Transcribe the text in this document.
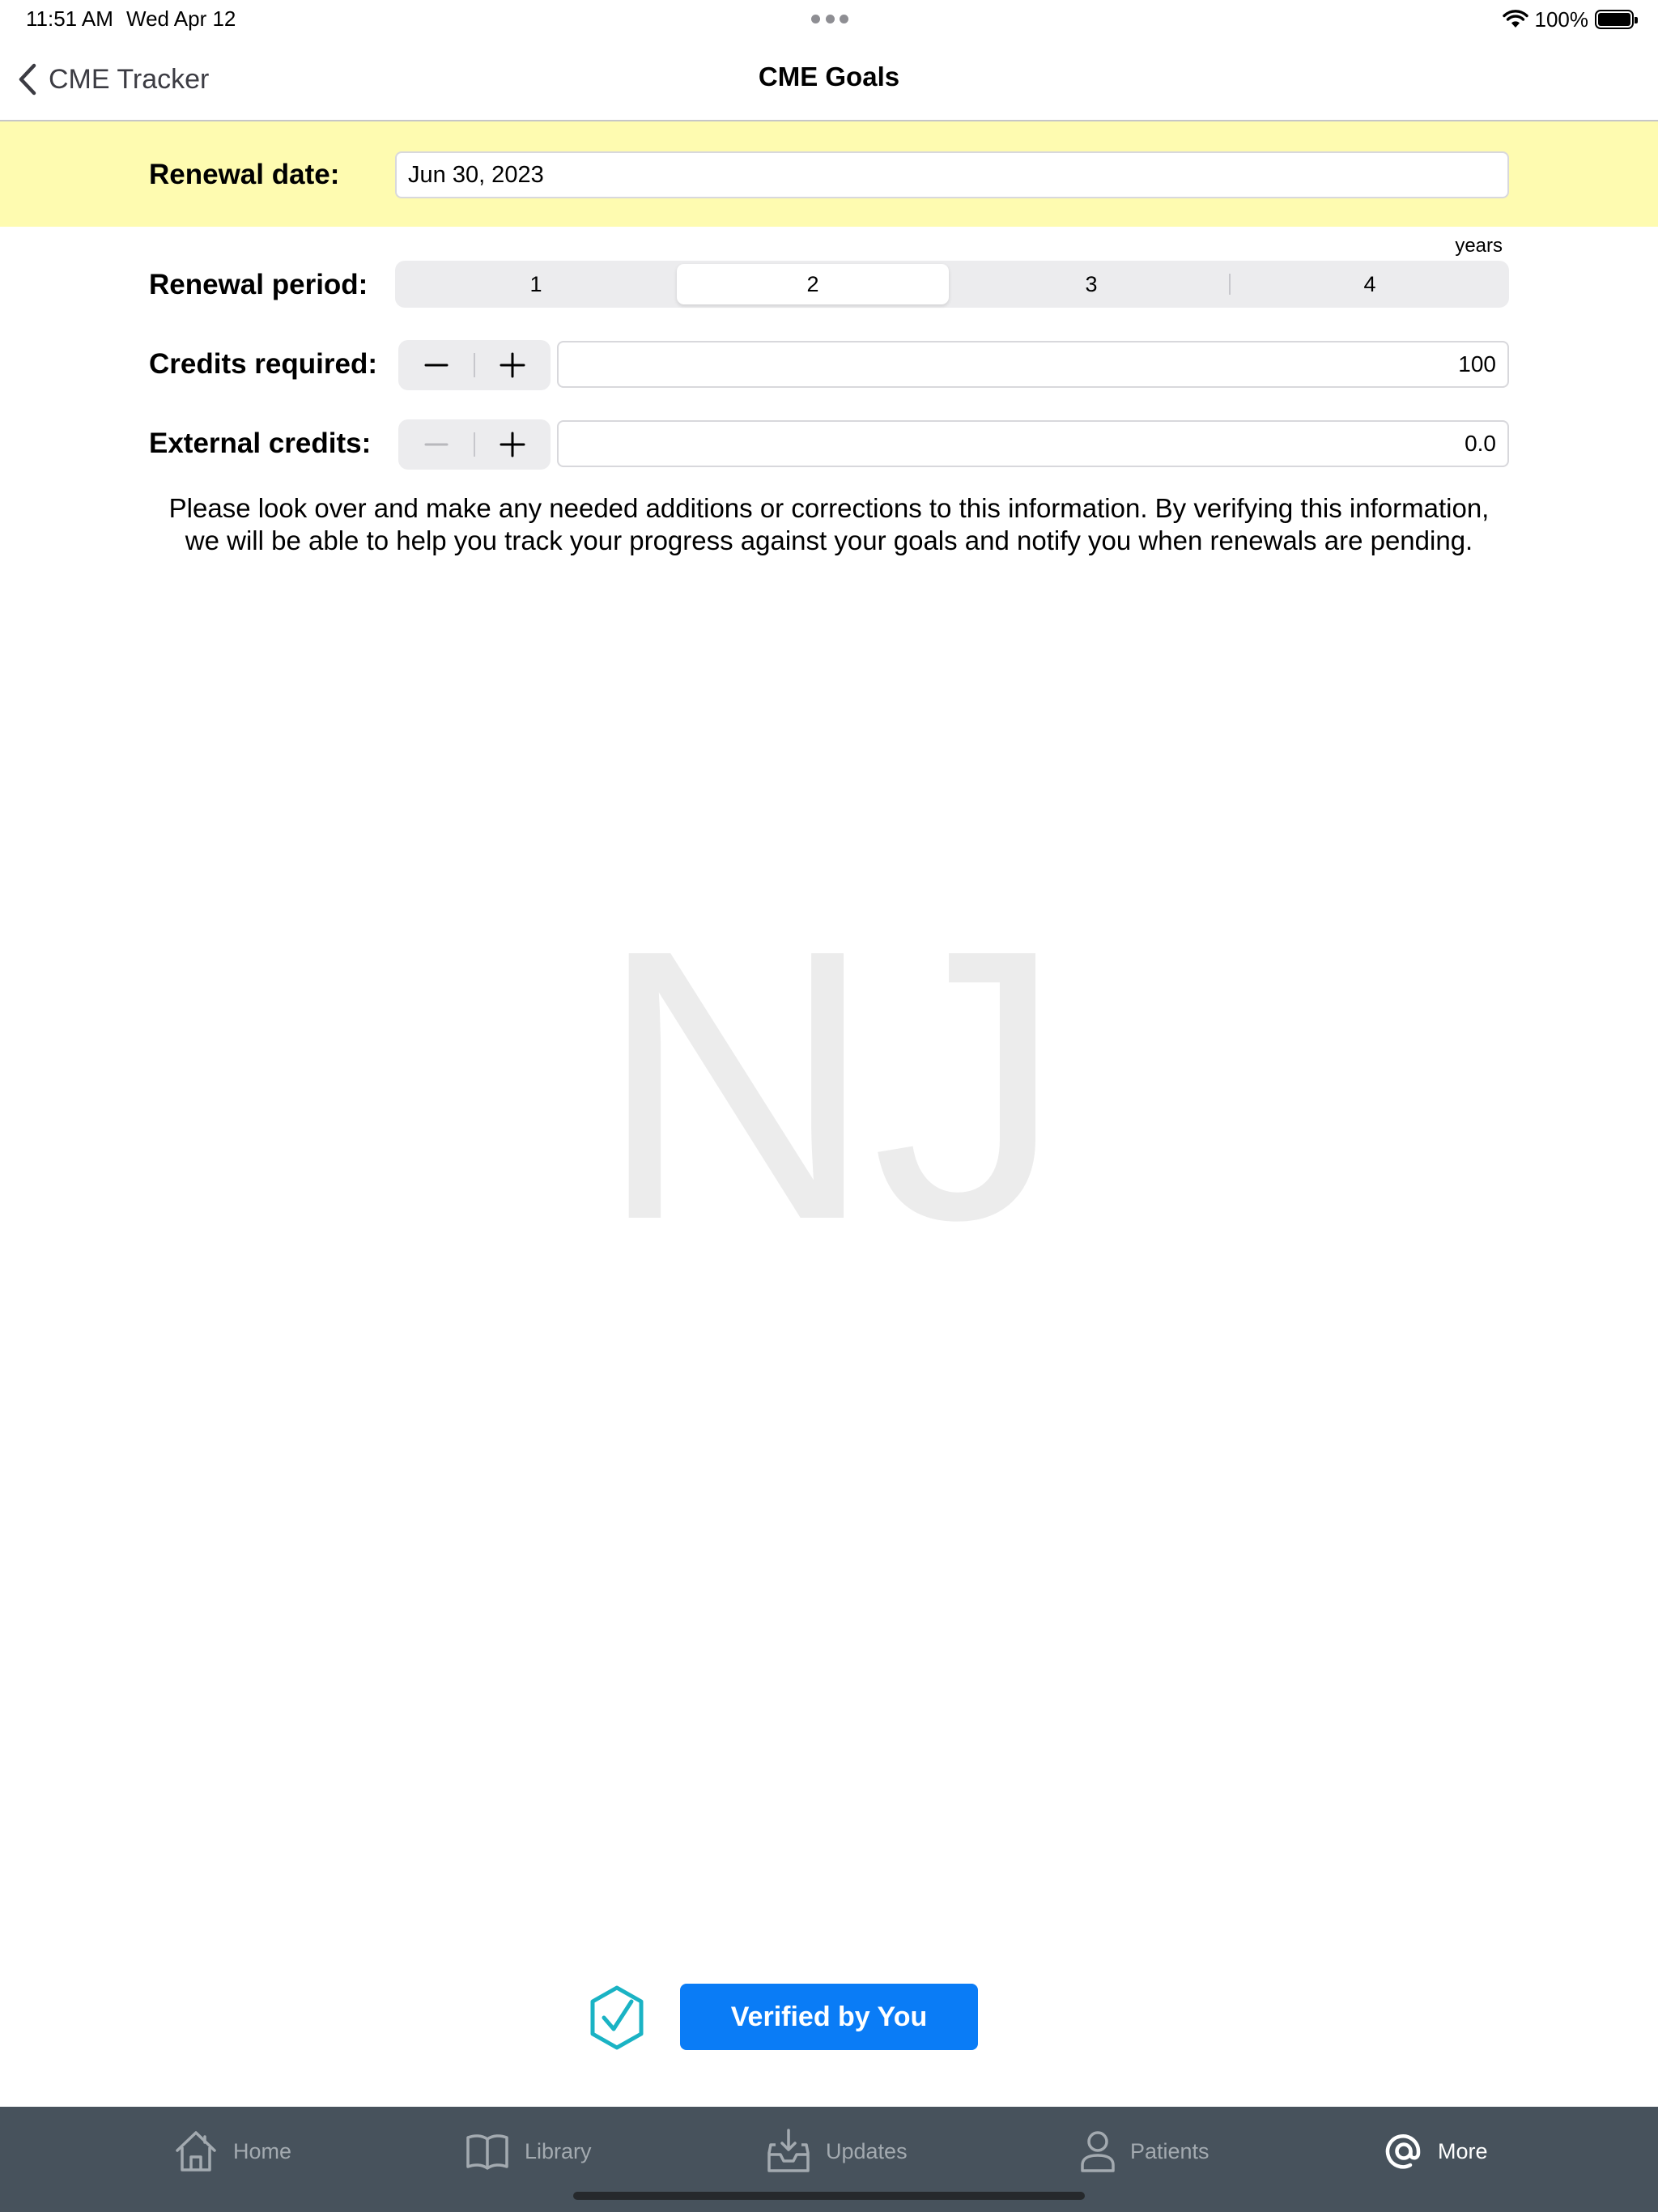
11:51 AM Wed Apr 12	100%
CME Tracker	CME Goals
Renewal date:	Jun 30, 2023
years
Renewal period:	1	2	3	4
Credits required:	100
External credits:	0.0

Please look over and make any needed additions or corrections to this information. By verifying this information, we will be able to help you track your progress against your goals and notify you when renewals are pending.

NJ
Verified by You
Home	Library	Updates	Patients	More
